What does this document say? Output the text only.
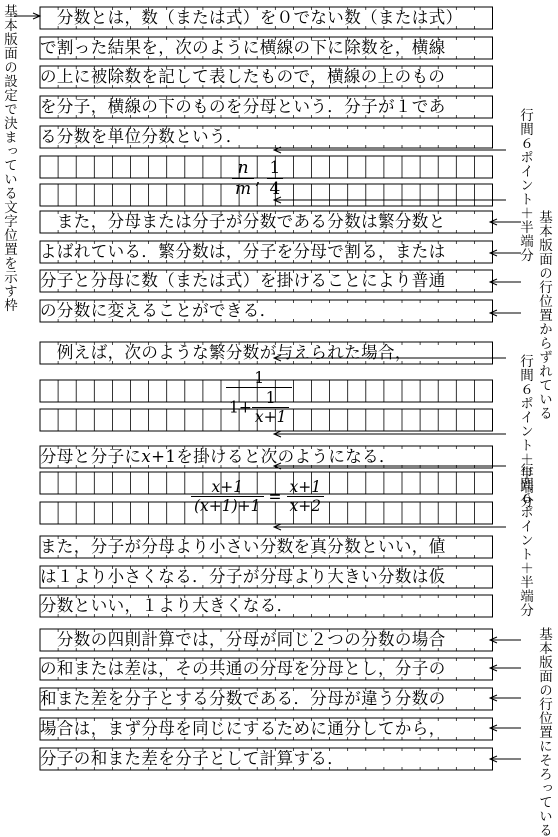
　分数とは，数（または式）を０でない数（または式）
で割った結果を，次のように横線の下に除数を，横線
の上に被除数を記して表したもので，横線の上のもの
を分子，横線の下のものを分母という．分子が１であ
る分数を単位分数という．
　また，分母または分子が分数である分数は繁分数と
よばれている．繁分数は，分子を分母で割る，または
分子と分母に数（または式）を掛けることにより普通
の分数に変えることができる．
　例えば，次のような繁分数が与えられた場合，
分母と分子にx+1を掛けると次のようになる．
また，分子が分母より小さい分数を真分数といい，値
は１より小さくなる．分子が分母より大きい分数は仮
分数といい，１より大きくなる．
　分数の四則計算では，分母が同じ２つの分数の場合
の和または差は，その共通の分母を分母とし，分子の
和また差を分子とする分数である．分母が違う分数の
場合は，まず分母を同じにするために通分してから，
分子の和また差を分子として計算する．
$\frac{n}{m}$ , $\frac{1}{4}$
$\frac{1}{1+ \frac{1}{x+1}}$
$\frac{x+1}{(x+1)+1} = \frac{x+1}{x+2}$
基本版面の設定で決まっている文字位置を示す枠	行間６ポイント＋半端分
基本版面の行位置からずれている
行間６ポイント＋半端分
行間６ポイント＋半端分
基本版面の行位置にそろっている
